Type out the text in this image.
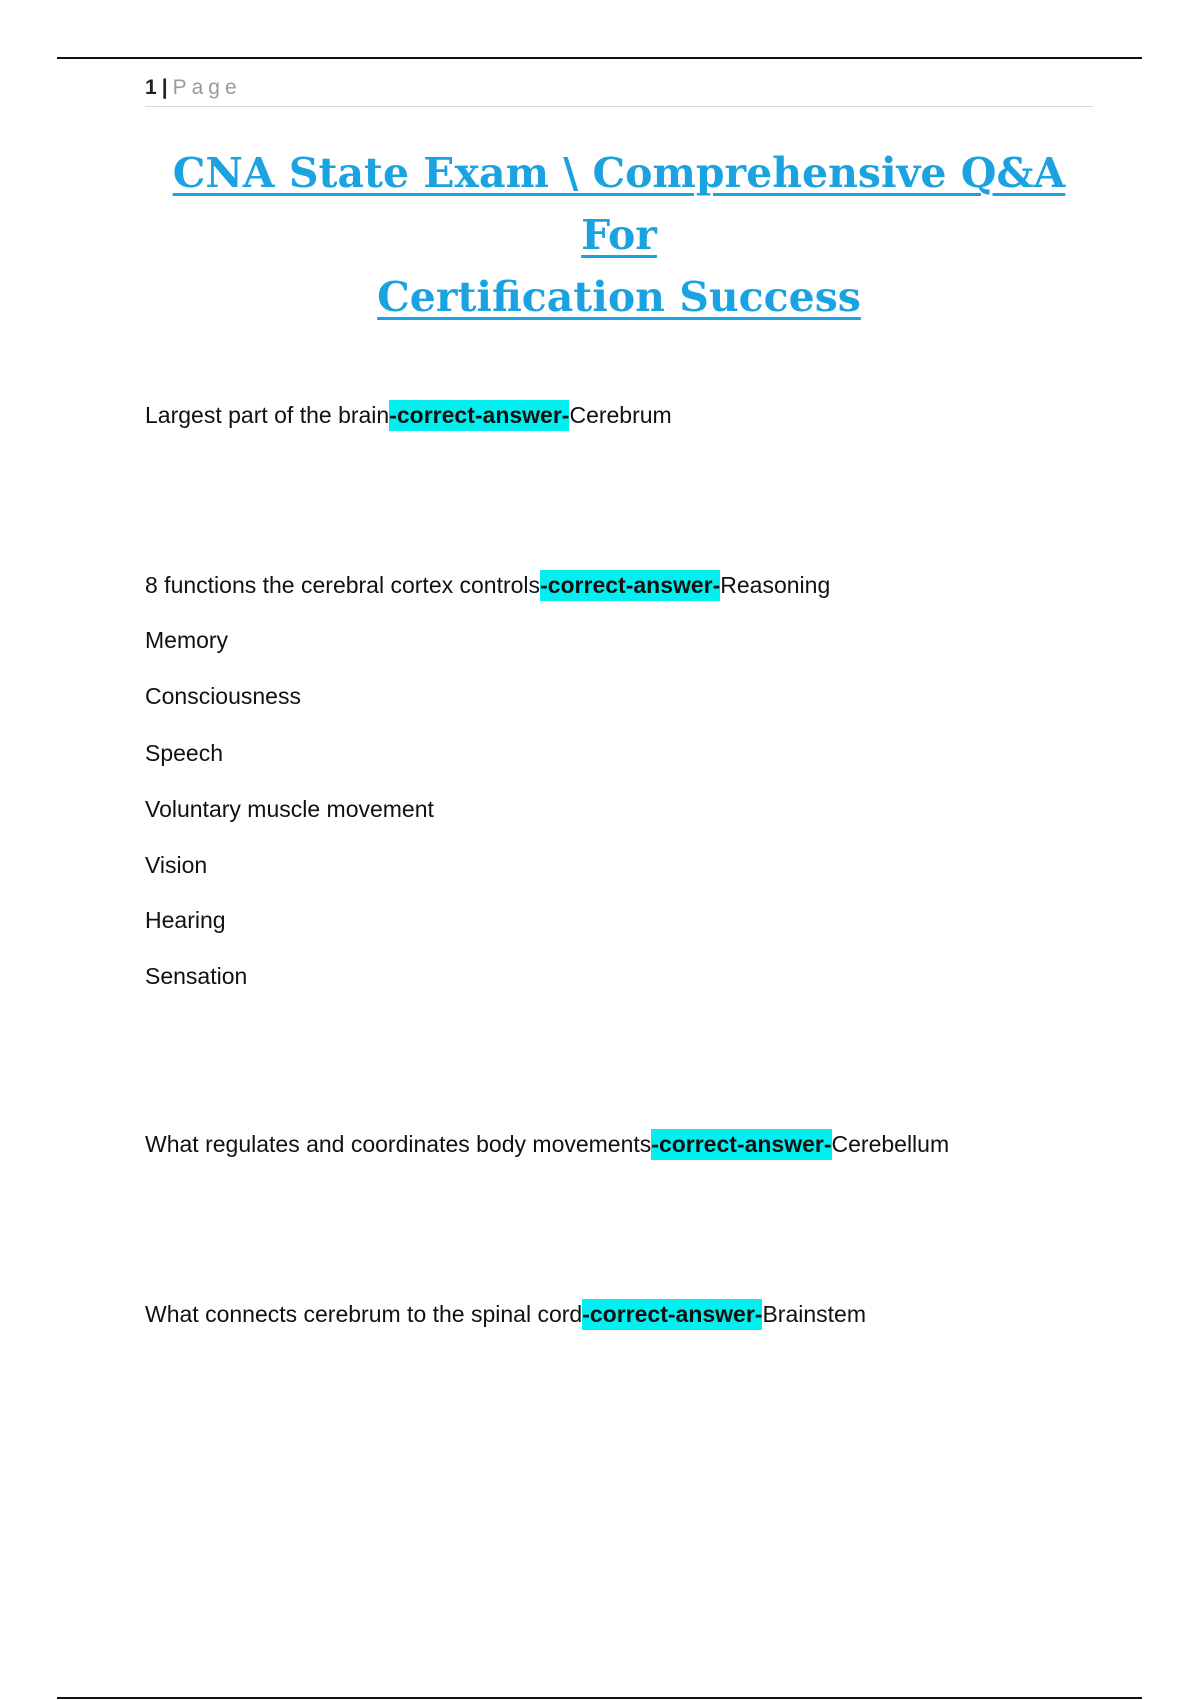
1 | Page
CNA State Exam \ Comprehensive Q&A For
Certification Success
Largest part of the brain-correct-answer-Cerebrum
8 functions the cerebral cortex controls-correct-answer-Reasoning
Memory
Consciousness
Speech
Voluntary muscle movement
Vision
Hearing
Sensation
What regulates and coordinates body movements-correct-answer-Cerebellum
What connects cerebrum to the spinal cord-correct-answer-Brainstem
